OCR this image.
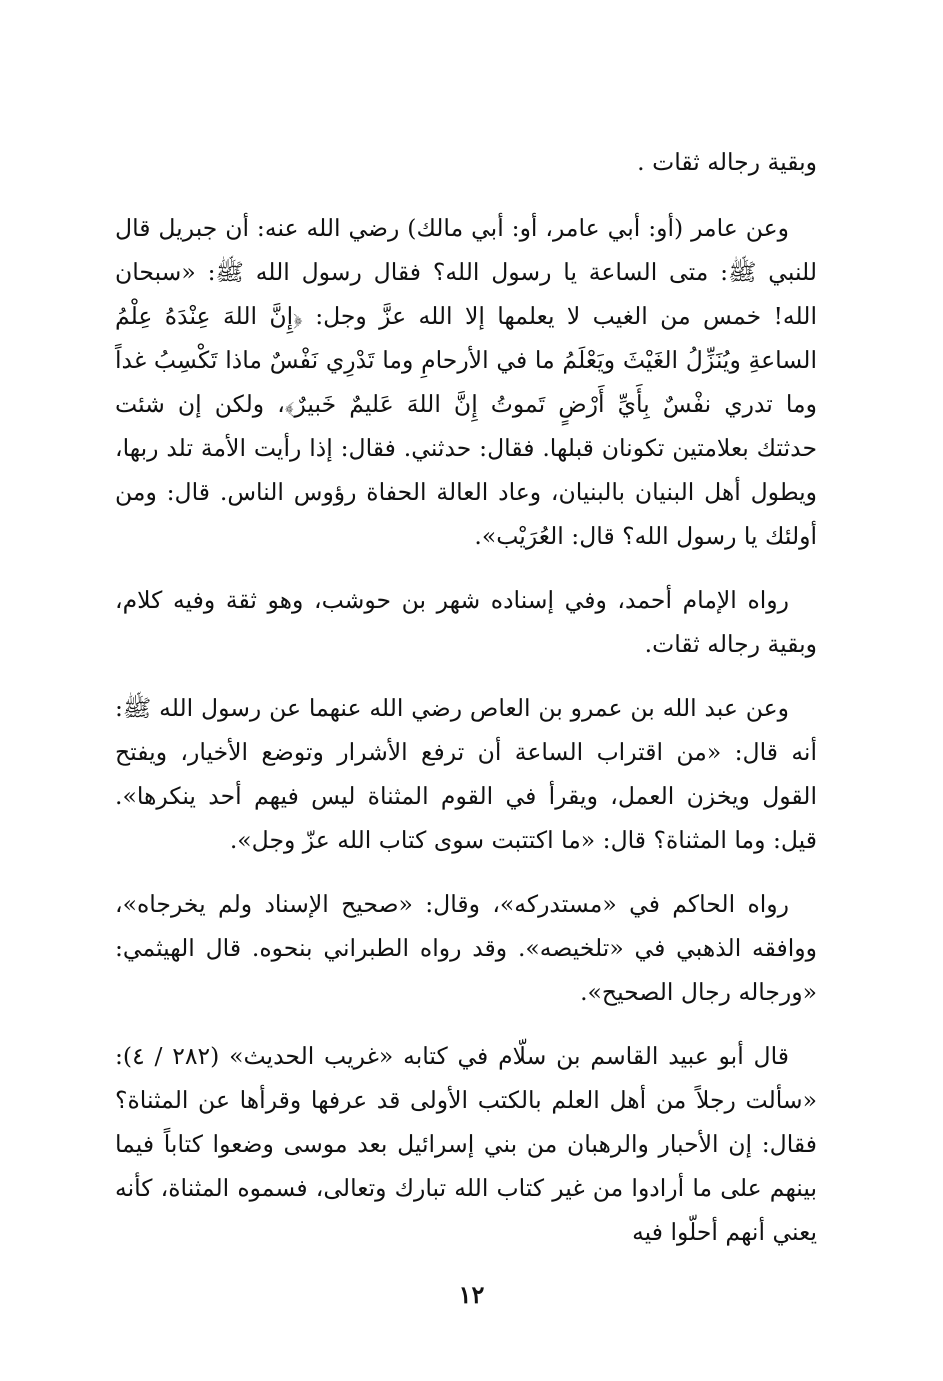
وبقية رجاله ثقات .

وعن عامر (أو: أبي عامر، أو: أبي مالك) رضي الله عنه: أن جبريل قال للنبي ﷺ: متى الساعة يا رسول الله؟ فقال رسول الله ﷺ: «سبحان الله! خمس من الغيب لا يعلمها إلا الله عزَّ وجل: ﴿إِنَّ اللهَ عِنْدَهُ عِلْمُ الساعةِ ويُنَزِّلُ الغَيْثَ ويَعْلَمُ ما في الأرحامِ وما تَدْرِي نَفْسٌ ماذا تَكْسِبُ غداً وما تدري نفْسٌ بِأَيِّ أَرْضٍ تَموتُ إِنَّ اللهَ عَليمٌ خَبيرٌ﴾، ولكن إن شئت حدثتك بعلامتين تكونان قبلها. فقال: حدثني. فقال: إذا رأيت الأمة تلد ربها، ويطول أهل البنيان بالبنيان، وعاد العالة الحفاة رؤوس الناس. قال: ومن أولئك يا رسول الله؟ قال: العُرَيْب».

رواه الإمام أحمد، وفي إسناده شهر بن حوشب، وهو ثقة وفيه كلام، وبقية رجاله ثقات.

وعن عبد الله بن عمرو بن العاص رضي الله عنهما عن رسول الله ﷺ: أنه قال: «من اقتراب الساعة أن ترفع الأشرار وتوضع الأخيار، ويفتح القول ويخزن العمل، ويقرأ في القوم المثناة ليس فيهم أحد ينكرها». قيل: وما المثناة؟ قال: «ما اكتتبت سوى كتاب الله عزّ وجل».

رواه الحاكم في «مستدركه»، وقال: «صحيح الإسناد ولم يخرجاه»، ووافقه الذهبي في «تلخيصه». وقد رواه الطبراني بنحوه. قال الهيثمي: «ورجاله رجال الصحيح».

قال أبو عبيد القاسم بن سلّام في كتابه «غريب الحديث» (٢٨٢ / ٤): «سألت رجلاً من أهل العلم بالكتب الأولى قد عرفها وقرأها عن المثناة؟ فقال: إن الأحبار والرهبان من بني إسرائيل بعد موسى وضعوا كتاباً فيما بينهم على ما أرادوا من غير كتاب الله تبارك وتعالى، فسموه المثناة، كأنه يعني أنهم أحلّوا فيه

١٢
